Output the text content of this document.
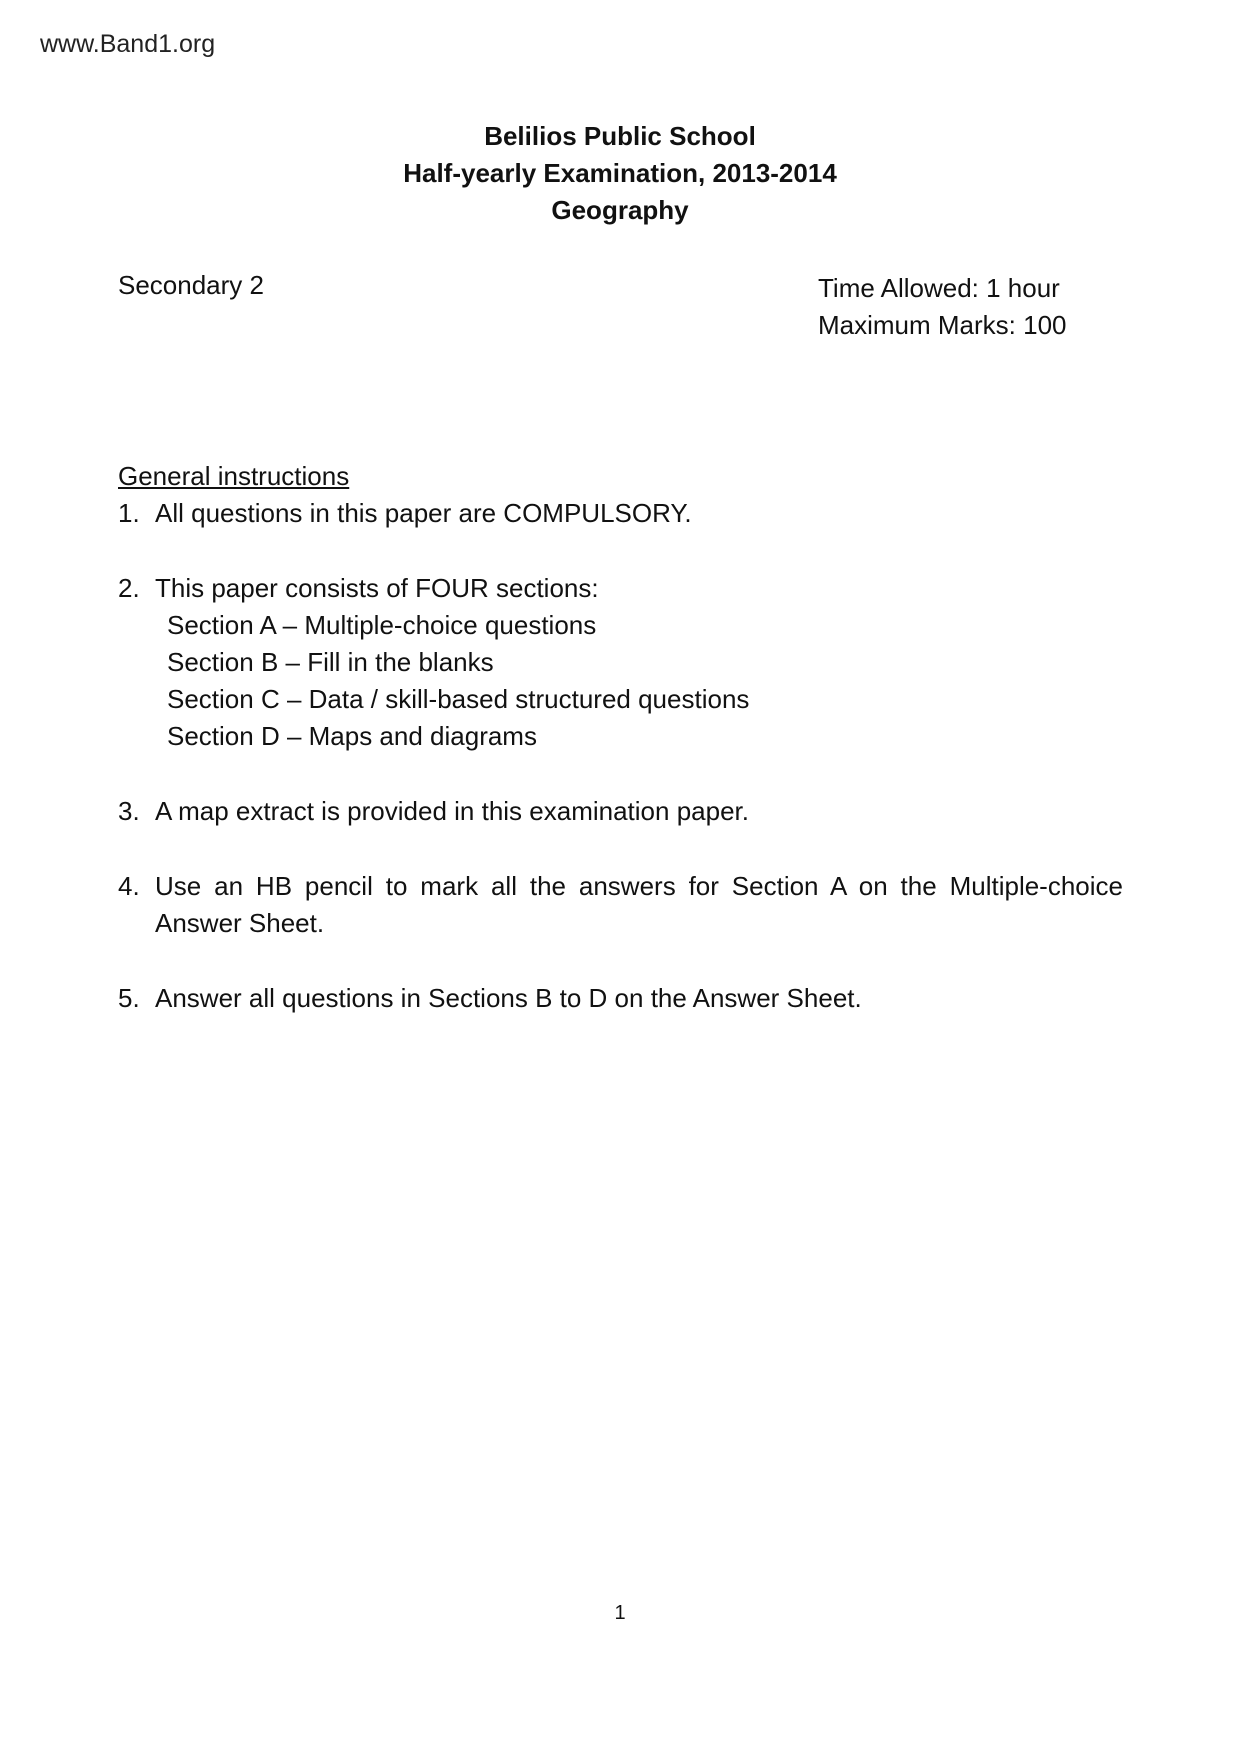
www.Band1.org
Belilios Public School
Half-yearly Examination, 2013-2014
Geography
Secondary 2	Time Allowed: 1 hour
Maximum Marks: 100
General instructions
1. All questions in this paper are COMPULSORY.
2. This paper consists of FOUR sections:
Section A – Multiple-choice questions
Section B – Fill in the blanks
Section C – Data / skill-based structured questions
Section D – Maps and diagrams
3. A map extract is provided in this examination paper.
4. Use an HB pencil to mark all the answers for Section A on the Multiple-choice Answer Sheet.
5. Answer all questions in Sections B to D on the Answer Sheet.
1
